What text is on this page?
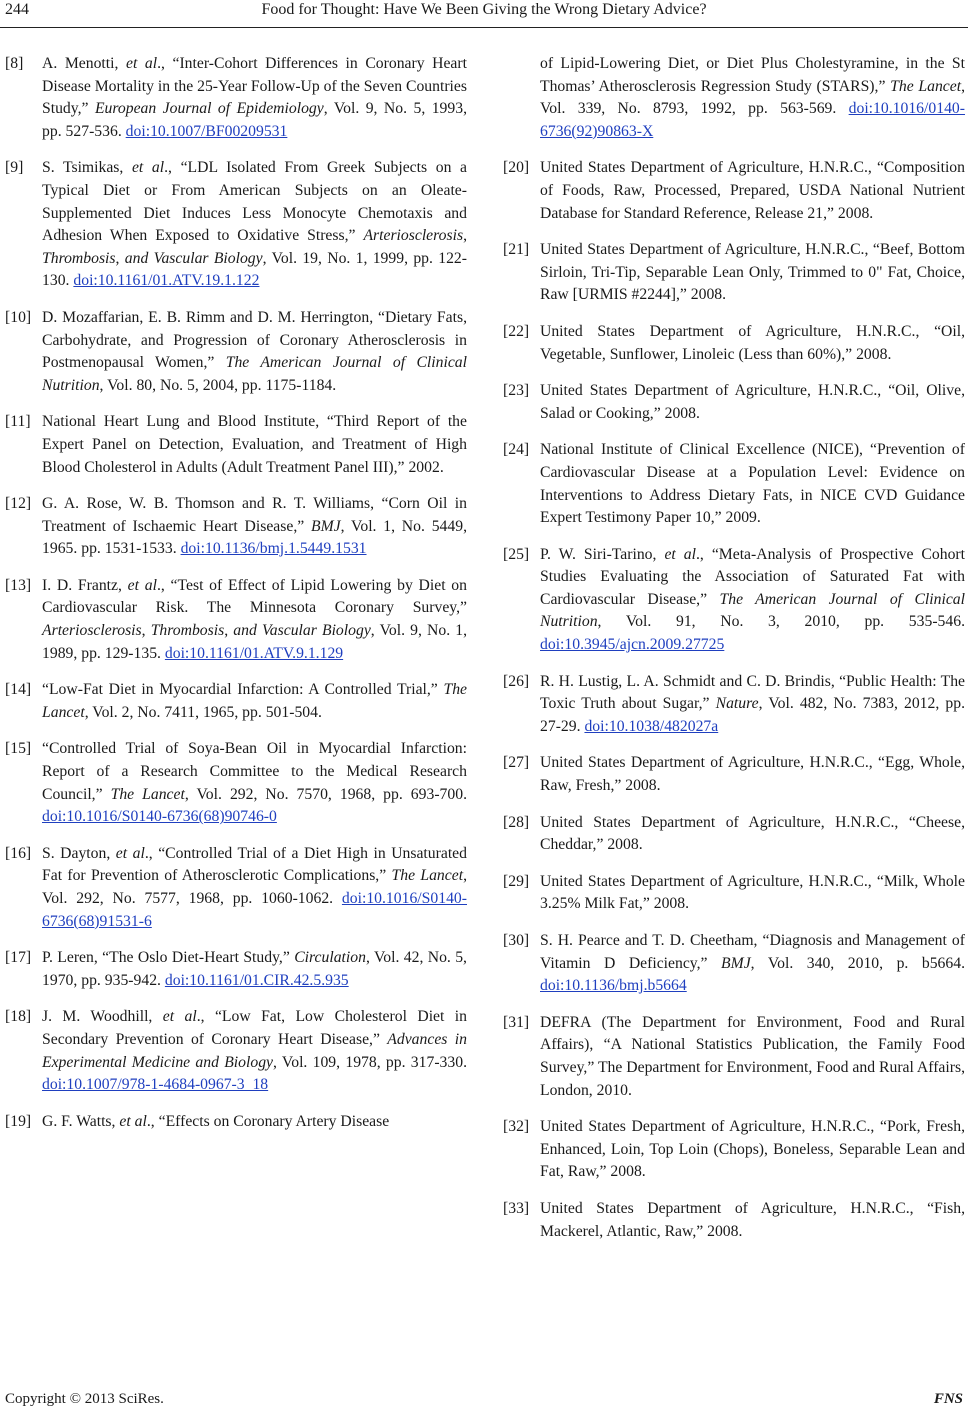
244	Food for Thought: Have We Been Giving the Wrong Dietary Advice?
[8]	A. Menotti, et al., “Inter-Cohort Differences in Coronary Heart Disease Mortality in the 25-Year Follow-Up of the Seven Countries Study,” European Journal of Epidemiology, Vol. 9, No. 5, 1993, pp. 527-536. doi:10.1007/BF00209531
[9]	S. Tsimikas, et al., “LDL Isolated From Greek Subjects on a Typical Diet or From American Subjects on an Oleate-Supplemented Diet Induces Less Monocyte Chemotaxis and Adhesion When Exposed to Oxidative Stress,” Arteriosclerosis, Thrombosis, and Vascular Biology, Vol. 19, No. 1, 1999, pp. 122-130. doi:10.1161/01.ATV.19.1.122
[10] D. Mozaffarian, E. B. Rimm and D. M. Herrington, “Dietary Fats, Carbohydrate, and Progression of Coronary Atherosclerosis in Postmenopausal Women,” The American Journal of Clinical Nutrition, Vol. 80, No. 5, 2004, pp. 1175-1184.
[11] National Heart Lung and Blood Institute, “Third Report of the Expert Panel on Detection, Evaluation, and Treatment of High Blood Cholesterol in Adults (Adult Treatment Panel III),” 2002.
[12] G. A. Rose, W. B. Thomson and R. T. Williams, “Corn Oil in Treatment of Ischaemic Heart Disease,” BMJ, Vol. 1, No. 5449, 1965. pp. 1531-1533. doi:10.1136/bmj.1.5449.1531
[13] I. D. Frantz, et al., “Test of Effect of Lipid Lowering by Diet on Cardiovascular Risk. The Minnesota Coronary Survey,” Arteriosclerosis, Thrombosis, and Vascular Biology, Vol. 9, No. 1, 1989, pp. 129-135. doi:10.1161/01.ATV.9.1.129
[14] “Low-Fat Diet in Myocardial Infarction: A Controlled Trial,” The Lancet, Vol. 2, No. 7411, 1965, pp. 501-504.
[15] “Controlled Trial of Soya-Bean Oil in Myocardial Infarction: Report of a Research Committee to the Medical Research Council,” The Lancet, Vol. 292, No. 7570, 1968, pp. 693-700. doi:10.1016/S0140-6736(68)90746-0
[16] S. Dayton, et al., “Controlled Trial of a Diet High in Unsaturated Fat for Prevention of Atherosclerotic Complications,” The Lancet, Vol. 292, No. 7577, 1968, pp. 1060-1062. doi:10.1016/S0140-6736(68)91531-6
[17] P. Leren, “The Oslo Diet-Heart Study,” Circulation, Vol. 42, No. 5, 1970, pp. 935-942. doi:10.1161/01.CIR.42.5.935
[18] J. M. Woodhill, et al., “Low Fat, Low Cholesterol Diet in Secondary Prevention of Coronary Heart Disease,” Advances in Experimental Medicine and Biology, Vol. 109, 1978, pp. 317-330. doi:10.1007/978-1-4684-0967-3_18
[19] G. F. Watts, et al., “Effects on Coronary Artery Disease
of Lipid-Lowering Diet, or Diet Plus Cholestyramine, in the St Thomas’ Atherosclerosis Regression Study (STARS),” The Lancet, Vol. 339, No. 8793, 1992, pp. 563-569. doi:10.1016/0140-6736(92)90863-X
[20] United States Department of Agriculture, H.N.R.C., “Composition of Foods, Raw, Processed, Prepared, USDA National Nutrient Database for Standard Reference, Release 21,” 2008.
[21] United States Department of Agriculture, H.N.R.C., “Beef, Bottom Sirloin, Tri-Tip, Separable Lean Only, Trimmed to 0" Fat, Choice, Raw [URMIS #2244],” 2008.
[22] United States Department of Agriculture, H.N.R.C., “Oil, Vegetable, Sunflower, Linoleic (Less than 60%),” 2008.
[23] United States Department of Agriculture, H.N.R.C., “Oil, Olive, Salad or Cooking,” 2008.
[24] National Institute of Clinical Excellence (NICE), “Prevention of Cardiovascular Disease at a Population Level: Evidence on Interventions to Address Dietary Fats, in NICE CVD Guidance Expert Testimony Paper 10,” 2009.
[25] P. W. Siri-Tarino, et al., “Meta-Analysis of Prospective Cohort Studies Evaluating the Association of Saturated Fat with Cardiovascular Disease,” The American Journal of Clinical Nutrition, Vol. 91, No. 3, 2010, pp. 535-546. doi:10.3945/ajcn.2009.27725
[26] R. H. Lustig, L. A. Schmidt and C. D. Brindis, “Public Health: The Toxic Truth about Sugar,” Nature, Vol. 482, No. 7383, 2012, pp. 27-29. doi:10.1038/482027a
[27] United States Department of Agriculture, H.N.R.C., “Egg, Whole, Raw, Fresh,” 2008.
[28] United States Department of Agriculture, H.N.R.C., “Cheese, Cheddar,” 2008.
[29] United States Department of Agriculture, H.N.R.C., “Milk, Whole 3.25% Milk Fat,” 2008.
[30] S. H. Pearce and T. D. Cheetham, “Diagnosis and Management of Vitamin D Deficiency,” BMJ, Vol. 340, 2010, p. b5664. doi:10.1136/bmj.b5664
[31] DEFRA (The Department for Environment, Food and Rural Affairs), “A National Statistics Publication, the Family Food Survey,” The Department for Environment, Food and Rural Affairs, London, 2010.
[32] United States Department of Agriculture, H.N.R.C., “Pork, Fresh, Enhanced, Loin, Top Loin (Chops), Boneless, Separable Lean and Fat, Raw,” 2008.
[33] United States Department of Agriculture, H.N.R.C., “Fish, Mackerel, Atlantic, Raw,” 2008.
Copyright © 2013 SciRes.	FNS
